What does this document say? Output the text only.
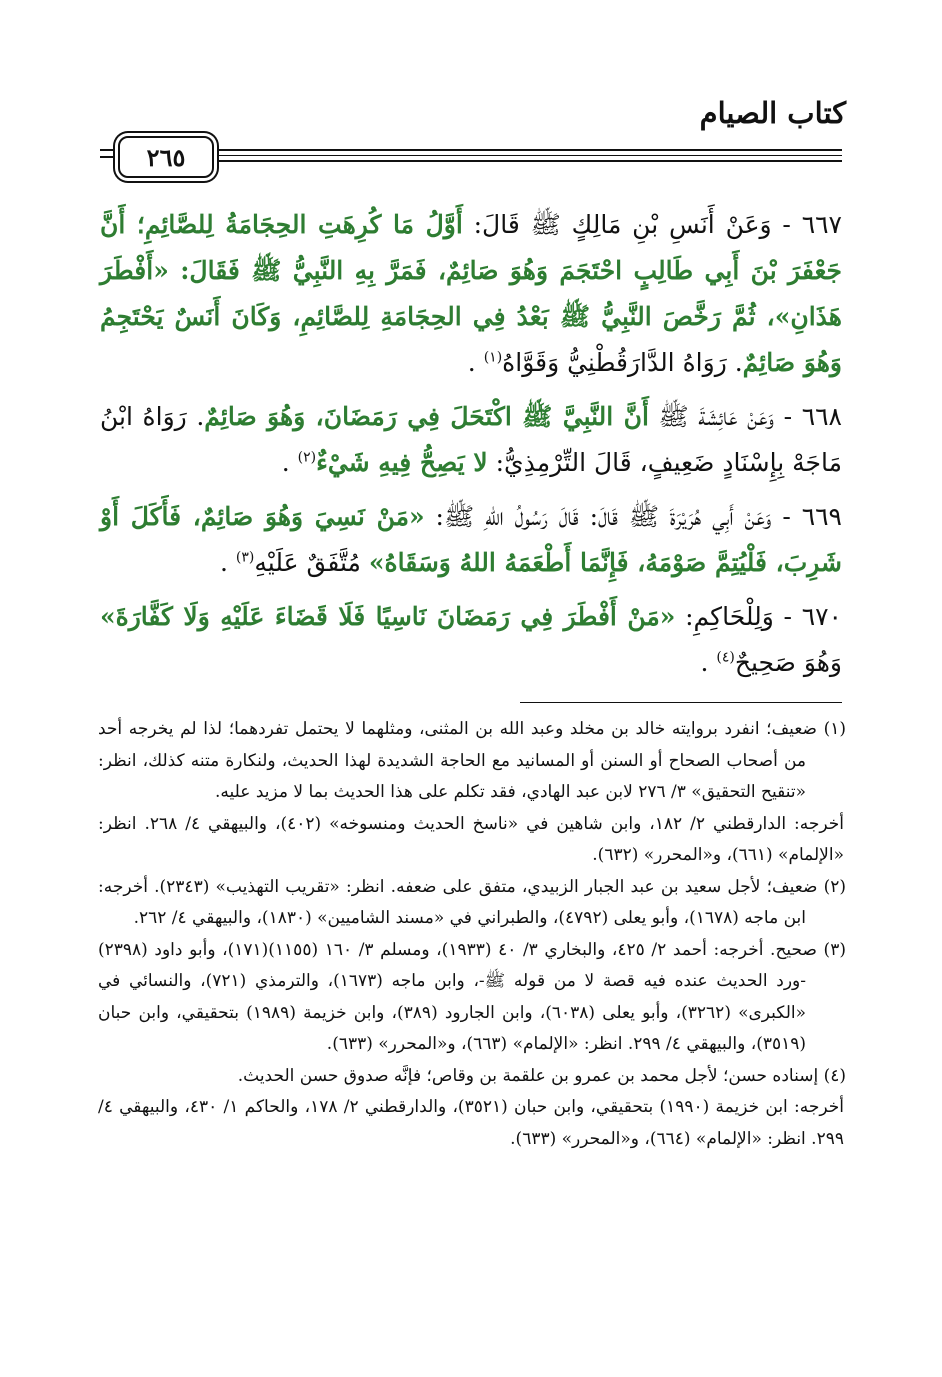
كتاب الصيام
٢٦٥

٦٦٧ - وَعَنْ أَنَسِ بْنِ مَالِكٍ ﷺ قَالَ: أَوَّلُ مَا كُرِهَتِ الحِجَامَةُ لِلصَّائِمِ؛ أَنَّ جَعْفَرَ بْنَ أَبِي طَالِبٍ احْتَجَمَ وَهُوَ صَائِمٌ، فَمَرَّ بِهِ النَّبِيُّ ﷺ فَقَالَ: «أَفْطَرَ هَذَانِ»، ثُمَّ رَخَّصَ النَّبِيُّ ﷺ بَعْدُ فِي الحِجَامَةِ لِلصَّائِمِ، وَكَانَ أَنَسٌ يَحْتَجِمُ وَهُوَ صَائِمٌ. رَوَاهُ الدَّارَقُطْنِيُّ وَقَوَّاهُ$^{(١)}$ .

٦٦٨ - وَعَنْ عَائِشَةَ ﷺ أَنَّ النَّبِيَّ ﷺ اكْتَحَلَ فِي رَمَضَانَ، وَهُوَ صَائِمٌ. رَوَاهُ ابْنُ مَاجَهْ بِإِسْنَادٍ ضَعِيفٍ، قَالَ التِّرْمِذِيُّ: لا يَصِحُّ فِيهِ شَيْءٌ$^{(٢)}$ .

٦٦٩ - وَعَنْ أَبِي هُرَيْرَةَ ﷺ قَالَ: قَالَ رَسُولُ اللهِ ﷺ: «مَنْ نَسِيَ وَهُوَ صَائِمٌ، فَأَكَلَ أَوْ شَرِبَ، فَلْيُتِمَّ صَوْمَهُ، فَإِنَّمَا أَطْعَمَهُ اللهُ وَسَقَاهُ» مُتَّفَقٌ عَلَيْهِ$^{(٣)}$ .

٦٧٠ - وَلِلْحَاكِمِ: «مَنْ أَفْطَرَ فِي رَمَضَانَ نَاسِيًا فَلَا قَضَاءَ عَلَيْهِ وَلَا كَفَّارَةَ» وَهُوَ صَحِيحٌ$^{(٤)}$ .

(١) ضعيف؛ انفرد بروايته خالد بن مخلد وعبد الله بن المثنى، ومثلهما لا يحتمل تفردهما؛ لذا لم يخرجه أحد من أصحاب الصحاح أو السنن أو المسانيد مع الحاجة الشديدة لهذا الحديث، ولنكارة متنه كذلك، انظر: «تنقيح التحقيق» ٣/ ٢٧٦ لابن عبد الهادي، فقد تكلم على هذا الحديث بما لا مزيد عليه.

أخرجه: الدارقطني ٢/ ١٨٢، وابن شاهين في «ناسخ الحديث ومنسوخه» (٤٠٢)، والبيهقي ٤/ ٢٦٨. انظر: «الإلمام» (٦٦١)، و«المحرر» (٦٣٢).

(٢) ضعيف؛ لأجل سعيد بن عبد الجبار الزبيدي، متفق على ضعفه. انظر: «تقريب التهذيب» (٢٣٤٣). أخرجه: ابن ماجه (١٦٧٨)، وأبو يعلى (٤٧٩٢)، والطبراني في «مسند الشاميين» (١٨٣٠)، والبيهقي ٤/ ٢٦٢.

(٣) صحيح. أخرجه: أحمد ٢/ ٤٢٥، والبخاري ٣/ ٤٠ (١٩٣٣)، ومسلم ٣/ ١٦٠ (١١٥٥)(١٧١)، وأبو داود (٢٣٩٨) -ورد الحديث عنده فيه قصة لا من قوله ﷺ-، وابن ماجه (١٦٧٣)، والترمذي (٧٢١)، والنسائي في «الكبرى» (٣٢٦٢)، وأبو يعلى (٦٠٣٨)، وابن الجارود (٣٨٩)، وابن خزيمة (١٩٨٩) بتحقيقي، وابن حبان (٣٥١٩)، والبيهقي ٤/ ٢٩٩. انظر: «الإلمام» (٦٦٣)، و«المحرر» (٦٣٣).

(٤) إسناده حسن؛ لأجل محمد بن عمرو بن علقمة بن وقاص؛ فإنَّه صدوق حسن الحديث.

أخرجه: ابن خزيمة (١٩٩٠) بتحقيقي، وابن حبان (٣٥٢١)، والدارقطني ٢/ ١٧٨، والحاكم ١/ ٤٣٠، والبيهقي ٤/ ٢٩٩. انظر: «الإلمام» (٦٦٤)، و«المحرر» (٦٣٣).
